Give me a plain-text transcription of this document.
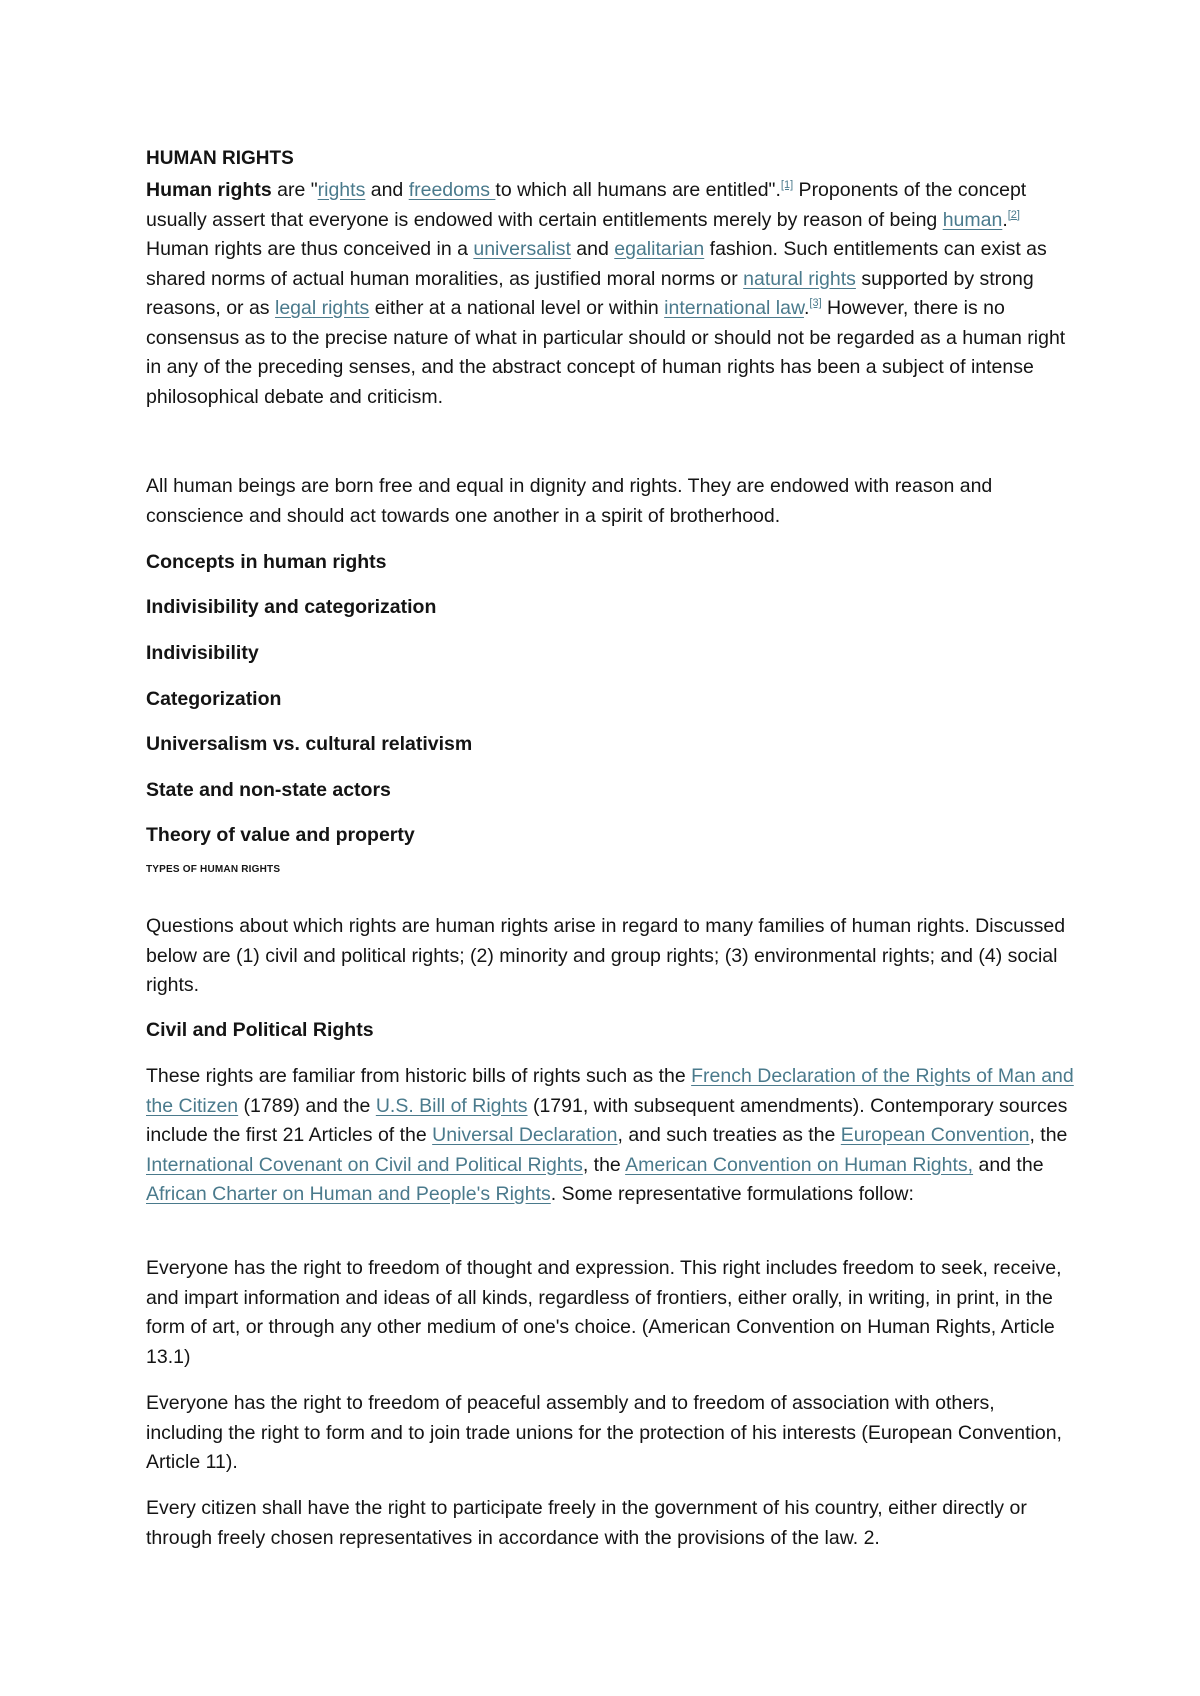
HUMAN RIGHTS

Human rights are "rights and freedoms to which all humans are entitled".[1] Proponents of the concept usually assert that everyone is endowed with certain entitlements merely by reason of being human.[2] Human rights are thus conceived in a universalist and egalitarian fashion. Such entitlements can exist as shared norms of actual human moralities, as justified moral norms or natural rights supported by strong reasons, or as legal rights either at a national level or within international law.[3] However, there is no consensus as to the precise nature of what in particular should or should not be regarded as a human right in any of the preceding senses, and the abstract concept of human rights has been a subject of intense philosophical debate and criticism.

All human beings are born free and equal in dignity and rights. They are endowed with reason and conscience and should act towards one another in a spirit of brotherhood.

Concepts in human rights

Indivisibility and categorization

Indivisibility

Categorization

Universalism vs. cultural relativism

State and non-state actors

Theory of value and property

TYPES OF HUMAN RIGHTS

Questions about which rights are human rights arise in regard to many families of human rights. Discussed below are (1) civil and political rights; (2) minority and group rights; (3) environmental rights; and (4) social rights.

Civil and Political Rights

These rights are familiar from historic bills of rights such as the French Declaration of the Rights of Man and the Citizen (1789) and the U.S. Bill of Rights (1791, with subsequent amendments). Contemporary sources include the first 21 Articles of the Universal Declaration, and such treaties as the European Convention, the International Covenant on Civil and Political Rights, the American Convention on Human Rights, and the African Charter on Human and People's Rights. Some representative formulations follow:

Everyone has the right to freedom of thought and expression. This right includes freedom to seek, receive, and impart information and ideas of all kinds, regardless of frontiers, either orally, in writing, in print, in the form of art, or through any other medium of one's choice. (American Convention on Human Rights, Article 13.1)

Everyone has the right to freedom of peaceful assembly and to freedom of association with others, including the right to form and to join trade unions for the protection of his interests (European Convention, Article 11).

Every citizen shall have the right to participate freely in the government of his country, either directly or through freely chosen representatives in accordance with the provisions of the law. 2.
